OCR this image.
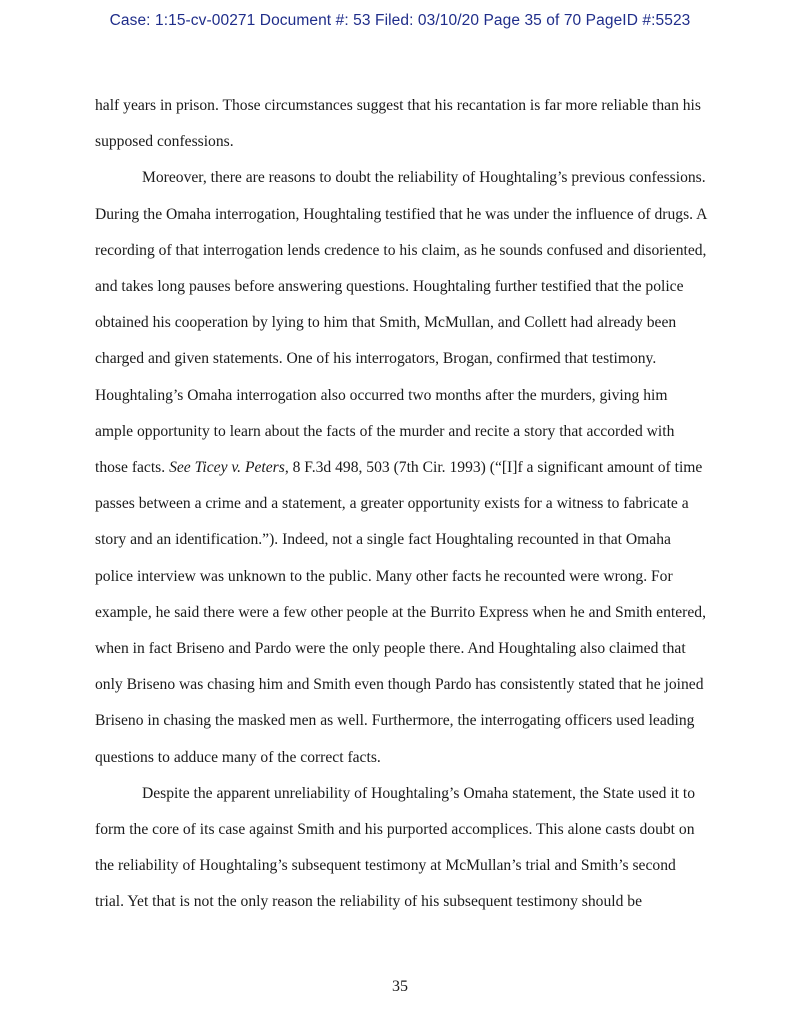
Case: 1:15-cv-00271 Document #: 53 Filed: 03/10/20 Page 35 of 70 PageID #:5523

half years in prison. Those circumstances suggest that his recantation is far more reliable than his
supposed confessions.

Moreover, there are reasons to doubt the reliability of Houghtaling’s previous confessions.
During the Omaha interrogation, Houghtaling testified that he was under the influence of drugs. A
recording of that interrogation lends credence to his claim, as he sounds confused and disoriented,
and takes long pauses before answering questions. Houghtaling further testified that the police
obtained his cooperation by lying to him that Smith, McMullan, and Collett had already been
charged and given statements. One of his interrogators, Brogan, confirmed that testimony.
Houghtaling’s Omaha interrogation also occurred two months after the murders, giving him
ample opportunity to learn about the facts of the murder and recite a story that accorded with
those facts. See Ticey v. Peters, 8 F.3d 498, 503 (7th Cir. 1993) (“[I]f a significant amount of time
passes between a crime and a statement, a greater opportunity exists for a witness to fabricate a
story and an identification.”). Indeed, not a single fact Houghtaling recounted in that Omaha
police interview was unknown to the public. Many other facts he recounted were wrong. For
example, he said there were a few other people at the Burrito Express when he and Smith entered,
when in fact Briseno and Pardo were the only people there. And Houghtaling also claimed that
only Briseno was chasing him and Smith even though Pardo has consistently stated that he joined
Briseno in chasing the masked men as well. Furthermore, the interrogating officers used leading
questions to adduce many of the correct facts.

Despite the apparent unreliability of Houghtaling’s Omaha statement, the State used it to
form the core of its case against Smith and his purported accomplices. This alone casts doubt on
the reliability of Houghtaling’s subsequent testimony at McMullan’s trial and Smith’s second
trial. Yet that is not the only reason the reliability of his subsequent testimony should be

35
